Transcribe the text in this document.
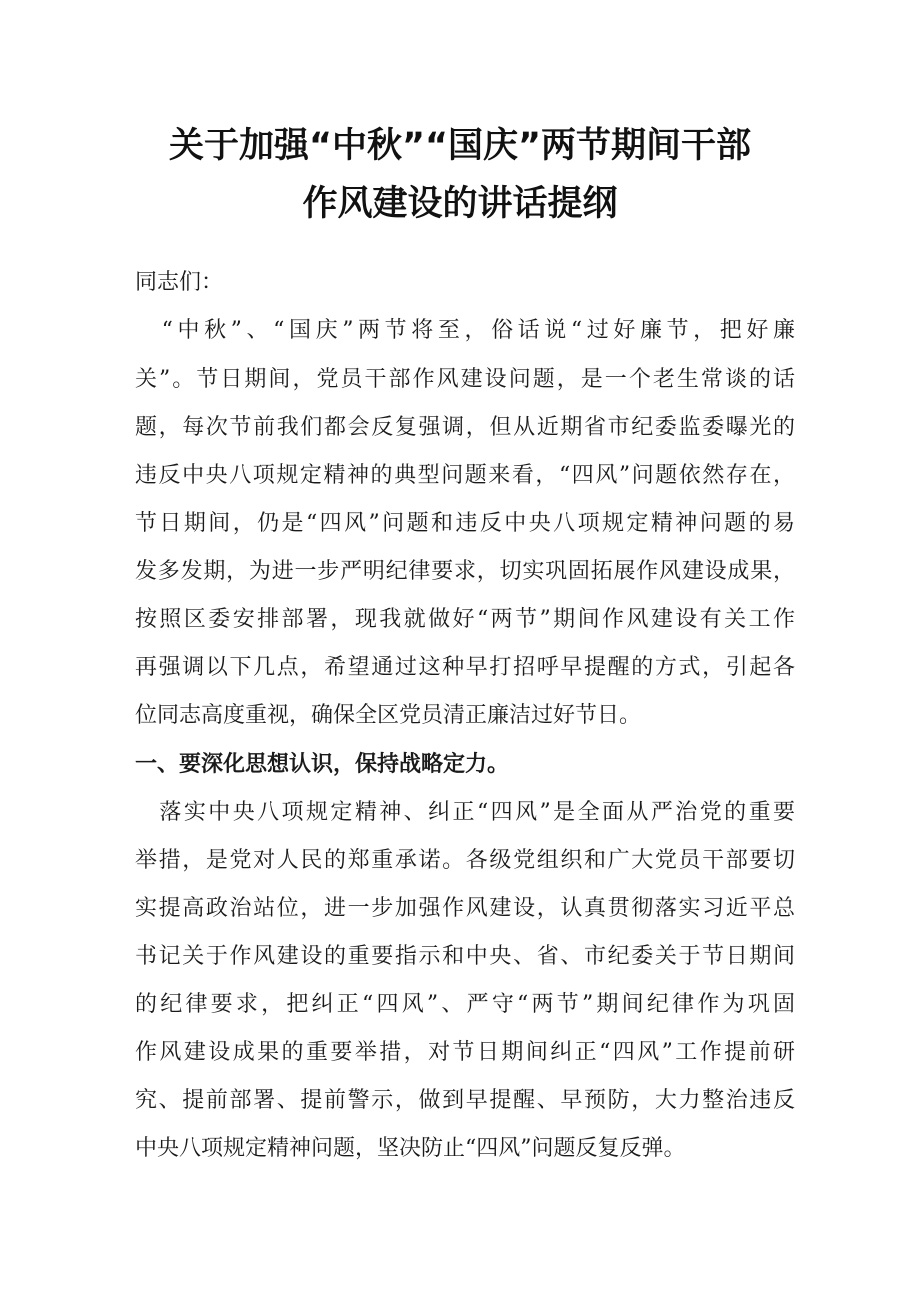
关于加强“中秋”“国庆”两节期间干部
作风建设的讲话提纲
同志们：
　“中秋”、“国庆”两节将至，俗话说“过好廉节，把好廉
关”。节日期间，党员干部作风建设问题，是一个老生常谈的话
题，每次节前我们都会反复强调，但从近期省市纪委监委曝光的
违反中央八项规定精神的典型问题来看，“四风”问题依然存在，
节日期间，仍是“四风”问题和违反中央八项规定精神问题的易
发多发期，为进一步严明纪律要求，切实巩固拓展作风建设成果，
按照区委安排部署，现我就做好“两节”期间作风建设有关工作
再强调以下几点，希望通过这种早打招呼早提醒的方式，引起各
位同志高度重视，确保全区党员清正廉洁过好节日。
一、要深化思想认识，保持战略定力。
　落实中央八项规定精神、纠正“四风”是全面从严治党的重要
举措，是党对人民的郑重承诺。各级党组织和广大党员干部要切
实提高政治站位，进一步加强作风建设，认真贯彻落实习近平总
书记关于作风建设的重要指示和中央、省、市纪委关于节日期间
的纪律要求，把纠正“四风”、严守“两节”期间纪律作为巩固
作风建设成果的重要举措，对节日期间纠正“四风”工作提前研
究、提前部署、提前警示，做到早提醒、早预防，大力整治违反
中央八项规定精神问题，坚决防止“四风”问题反复反弹。
